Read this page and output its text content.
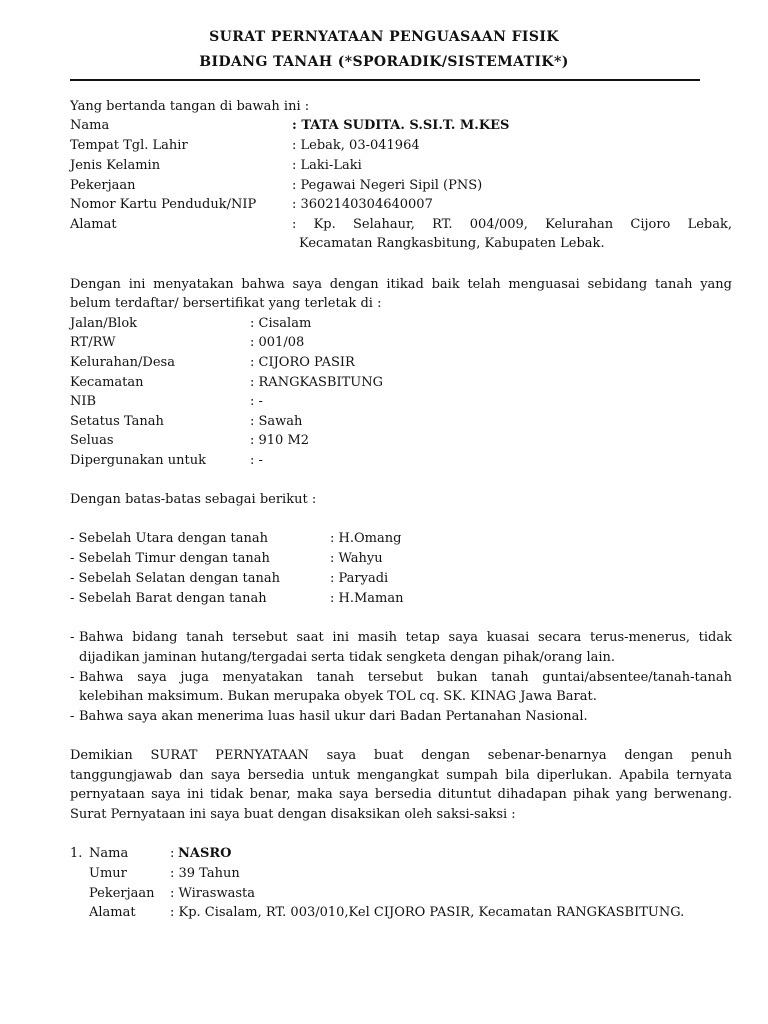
SURAT PERNYATAAN PENGUASAAN FISIK
BIDANG TANAH (*SPORADIK/SISTEMATIK*)
Yang bertanda tangan di bawah ini :
Nama	: TATA SUDITA. S.SI.T. M.KES
Tempat Tgl. Lahir	: Lebak, 03-041964
Jenis Kelamin	: Laki-Laki
Pekerjaan	: Pegawai Negeri Sipil (PNS)
Nomor Kartu Penduduk/NIP	: 3602140304640007
Alamat	: Kp. Selahaur, RT. 004/009, Kelurahan Cijoro Lebak,
Kecamatan Rangkasbitung, Kabupaten Lebak.
Dengan ini menyatakan bahwa saya dengan itikad baik telah menguasai sebidang tanah yang
belum terdaftar/ bersertifikat yang terletak di :
Jalan/Blok	: Cisalam
RT/RW	: 001/08
Kelurahan/Desa	: CIJORO PASIR
Kecamatan	: RANGKASBITUNG
NIB	: -
Setatus Tanah	: Sawah
Seluas	: 910 M2
Dipergunakan untuk	: -
Dengan batas-batas sebagai berikut :
- Sebelah Utara dengan tanah	: H.Omang
- Sebelah Timur dengan tanah	: Wahyu
- Sebelah Selatan dengan tanah	: Paryadi
- Sebelah Barat dengan tanah	: H.Maman
- Bahwa bidang tanah tersebut saat ini masih tetap saya kuasai secara terus-menerus, tidak
dijadikan jaminan hutang/tergadai serta tidak sengketa dengan pihak/orang lain.
- Bahwa saya juga menyatakan tanah tersebut bukan tanah guntai/absentee/tanah-tanah
kelebihan maksimum. Bukan merupaka obyek TOL cq. SK. KINAG Jawa Barat.
- Bahwa saya akan menerima luas hasil ukur dari Badan Pertanahan Nasional.
Demikian SURAT PERNYATAAN saya buat dengan sebenar-benarnya dengan penuh
tanggungjawab dan saya bersedia untuk mengangkat sumpah bila diperlukan. Apabila ternyata
pernyataan saya ini tidak benar, maka saya bersedia dituntut dihadapan pihak yang berwenang.
Surat Pernyataan ini saya buat dengan disaksikan oleh saksi-saksi :
1. Nama	: NASRO
Umur	: 39 Tahun
Pekerjaan : Wiraswasta
Alamat	: Kp. Cisalam, RT. 003/010,Kel CIJORO PASIR, Kecamatan RANGKASBITUNG.
